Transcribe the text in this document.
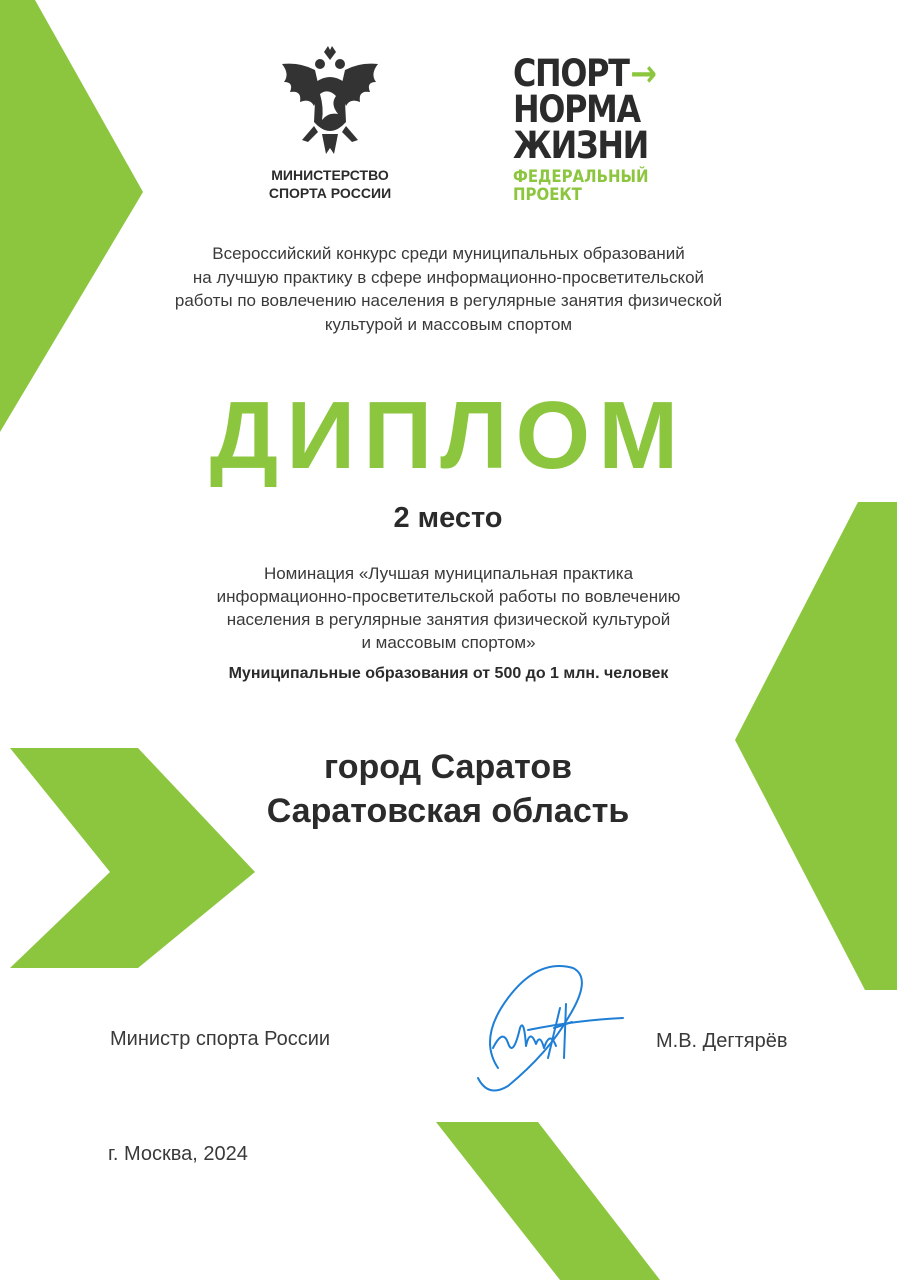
МИНИСТЕРСТВО
СПОРТА РОССИИ
СПОРТ→
НОРМА
ЖИЗНИ
ФЕДЕРАЛЬНЫЙ
ПРОЕКТ
Всероссийский конкурс среди муниципальных образований
на лучшую практику в сфере информационно-просветительской
работы по вовлечению населения в регулярные занятия физической
культурой и массовым спортом
ДИПЛОМ
2 место
Номинация «Лучшая муниципальная практика
информационно-просветительской работы по вовлечению
населения в регулярные занятия физической культурой
и массовым спортом»
Муниципальные образования от 500 до 1 млн. человек
город Саратов
Саратовская область
Министр спорта России	М.В. Дегтярёв
г. Москва, 2024
